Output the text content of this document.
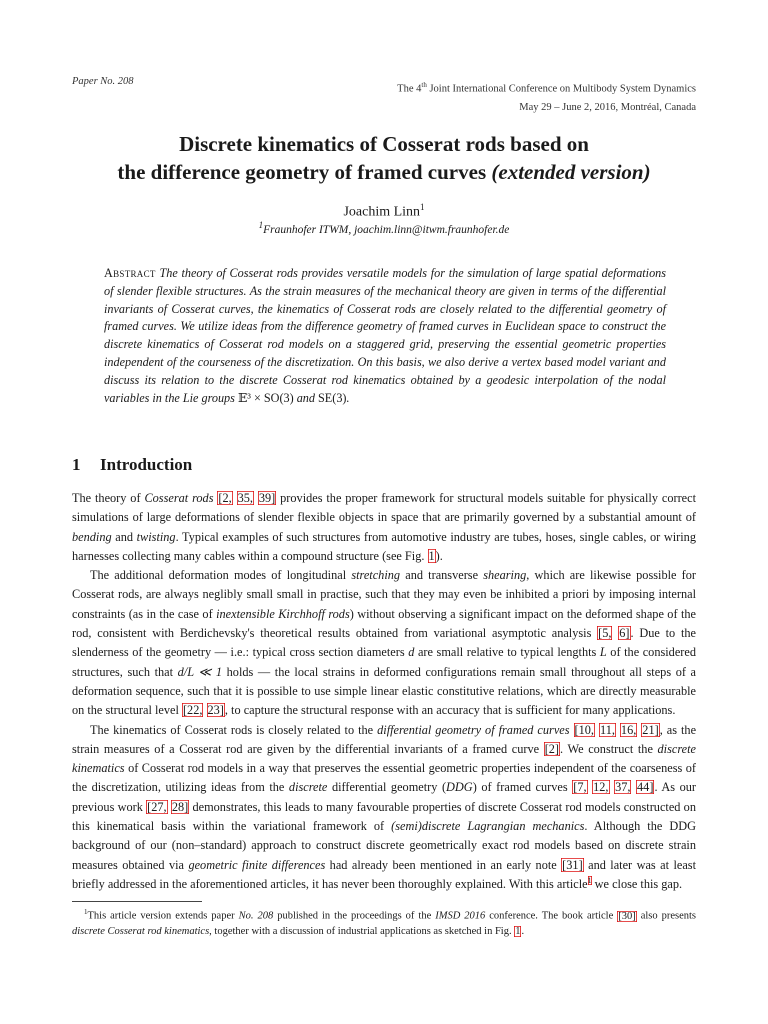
Paper No. 208
The 4th Joint International Conference on Multibody System Dynamics
May 29 – June 2, 2016, Montréal, Canada
Discrete kinematics of Cosserat rods based on
the difference geometry of framed curves (extended version)
Joachim Linn$^1$
$^1$Fraunhofer ITWM, joachim.linn@itwm.fraunhofer.de
Abstract The theory of Cosserat rods provides versatile models for the simulation of large spatial deformations of slender flexible structures. As the strain measures of the mechanical theory are given in terms of the differential invariants of Cosserat curves, the kinematics of Cosserat rods are closely related to the differential geometry of framed curves. We utilize ideas from the difference geometry of framed curves in Euclidean space to construct the discrete kinematics of Cosserat rod models on a staggered grid, preserving the essential geometric properties independent of the courseness of the discretization. On this basis, we also derive a vertex based model variant and discuss its relation to the discrete Cosserat rod kinematics obtained by a geodesic interpolation of the nodal variables in the Lie groups 𝔼³ × SO(3) and SE(3).
1 Introduction

The theory of Cosserat rods [2, 35, 39] provides the proper framework for structural models suitable for physically correct simulations of large deformations of slender flexible objects in space that are primarily governed by a substantial amount of bending and twisting. Typical examples of such structures from automotive industry are tubes, hoses, single cables, or wiring harnesses collecting many cables within a compound structure (see Fig. 1).

The additional deformation modes of longitudinal stretching and transverse shearing, which are likewise possible for Cosserat rods, are always neglibly small small in practise, such that they may even be inhibited a priori by imposing internal constraints (as in the case of inextensible Kirchhoff rods) without observing a significant impact on the deformed shape of the rod, consistent with Berdichevsky's theoretical results obtained from variational asymptotic analysis [5, 6]. Due to the slenderness of the geometry — i.e.: typical cross section diameters d are small relative to typical lengthts L of the considered structures, such that d/L ≪ 1 holds — the local strains in deformed configurations remain small throughout all steps of a deformation sequence, such that it is possible to use simple linear elastic constitutive relations, which are directly measurable on the structural level [22, 23], to capture the structural response with an accuracy that is sufficient for many applications.

The kinematics of Cosserat rods is closely related to the differential geometry of framed curves [10, 11, 16, 21], as the strain measures of a Cosserat rod are given by the differential invariants of a framed curve [2]. We construct the discrete kinematics of Cosserat rod models in a way that preserves the essential geometric properties independent of the coarseness of the discretization, utilizing ideas from the discrete differential geometry (DDG) of framed curves [7, 12, 37, 44]. As our previous work [27, 28] demonstrates, this leads to many favourable properties of discrete Cosserat rod models constructed on this kinematical basis within the variational framework of (semi)discrete Lagrangian mechanics. Although the DDG background of our (non–standard) approach to construct discrete geometrically exact rod models based on discrete strain measures obtained via geometric finite differences had already been mentioned in an early note [31] and later was at least briefly addressed in the aforementioned articles, it has never been thoroughly explained. With this article$^1$ we close this gap.

$^1$This article version extends paper No. 208 published in the proceedings of the IMSD 2016 conference. The book article [30] also presents discrete Cosserat rod kinematics, together with a discussion of industrial applications as sketched in Fig. 1.
